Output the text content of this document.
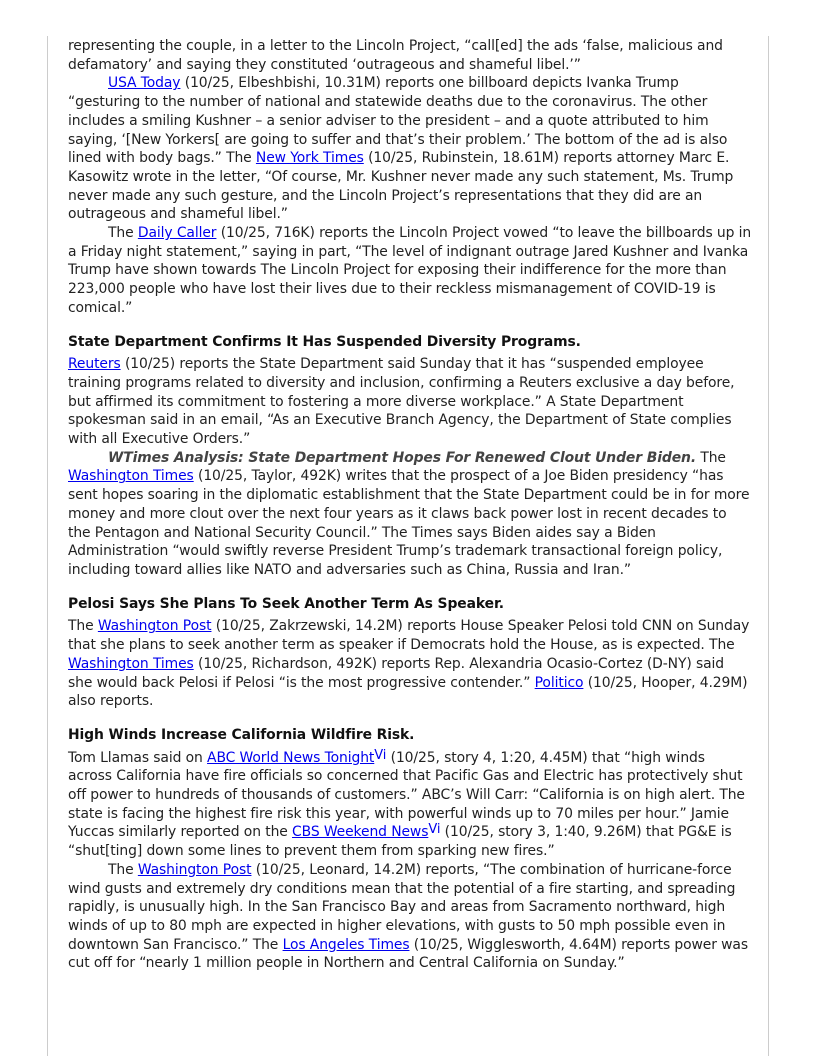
representing the couple, in a letter to the Lincoln Project, “call[ed] the ads ‘false, malicious and defamatory’ and saying they constituted ‘outrageous and shameful libel.’”

USA Today (10/25, Elbeshbishi, 10.31M) reports one billboard depicts Ivanka Trump “gesturing to the number of national and statewide deaths due to the coronavirus. The other includes a smiling Kushner – a senior adviser to the president – and a quote attributed to him saying, ‘[New Yorkers[ are going to suffer and that’s their problem.’ The bottom of the ad is also lined with body bags.” The New York Times (10/25, Rubinstein, 18.61M) reports attorney Marc E. Kasowitz wrote in the letter, “Of course, Mr. Kushner never made any such statement, Ms. Trump never made any such gesture, and the Lincoln Project’s representations that they did are an outrageous and shameful libel.”

The Daily Caller (10/25, 716K) reports the Lincoln Project vowed “to leave the billboards up in a Friday night statement,” saying in part, “The level of indignant outrage Jared Kushner and Ivanka Trump have shown towards The Lincoln Project for exposing their indifference for the more than 223,000 people who have lost their lives due to their reckless mismanagement of COVID-19 is comical.”

State Department Confirms It Has Suspended Diversity Programs.

Reuters (10/25) reports the State Department said Sunday that it has “suspended employee training programs related to diversity and inclusion, confirming a Reuters exclusive a day before, but affirmed its commitment to fostering a more diverse workplace.” A State Department spokesman said in an email, “As an Executive Branch Agency, the Department of State complies with all Executive Orders.”

WTimes Analysis: State Department Hopes For Renewed Clout Under Biden. The Washington Times (10/25, Taylor, 492K) writes that the prospect of a Joe Biden presidency “has sent hopes soaring in the diplomatic establishment that the State Department could be in for more money and more clout over the next four years as it claws back power lost in recent decades to the Pentagon and National Security Council.” The Times says Biden aides say a Biden Administration “would swiftly reverse President Trump’s trademark transactional foreign policy, including toward allies like NATO and adversaries such as China, Russia and Iran.”

Pelosi Says She Plans To Seek Another Term As Speaker.

The Washington Post (10/25, Zakrzewski, 14.2M) reports House Speaker Pelosi told CNN on Sunday that she plans to seek another term as speaker if Democrats hold the House, as is expected. The Washington Times (10/25, Richardson, 492K) reports Rep. Alexandria Ocasio-Cortez (D-NY) said she would back Pelosi if Pelosi “is the most progressive contender.” Politico (10/25, Hooper, 4.29M) also reports.

High Winds Increase California Wildfire Risk.

Tom Llamas said on ABC World News Tonight$^{Vi}$ (10/25, story 4, 1:20, 4.45M) that “high winds across California have fire officials so concerned that Pacific Gas and Electric has protectively shut off power to hundreds of thousands of customers.” ABC’s Will Carr: “California is on high alert. The state is facing the highest fire risk this year, with powerful winds up to 70 miles per hour.” Jamie Yuccas similarly reported on the CBS Weekend News$^{Vi}$ (10/25, story 3, 1:40, 9.26M) that PG&E is “shut[ting] down some lines to prevent them from sparking new fires.”

The Washington Post (10/25, Leonard, 14.2M) reports, “The combination of hurricane-force wind gusts and extremely dry conditions mean that the potential of a fire starting, and spreading rapidly, is unusually high. In the San Francisco Bay and areas from Sacramento northward, high winds of up to 80 mph are expected in higher elevations, with gusts to 50 mph possible even in downtown San Francisco.” The Los Angeles Times (10/25, Wigglesworth, 4.64M) reports power was cut off for “nearly 1 million people in Northern and Central California on Sunday.”
